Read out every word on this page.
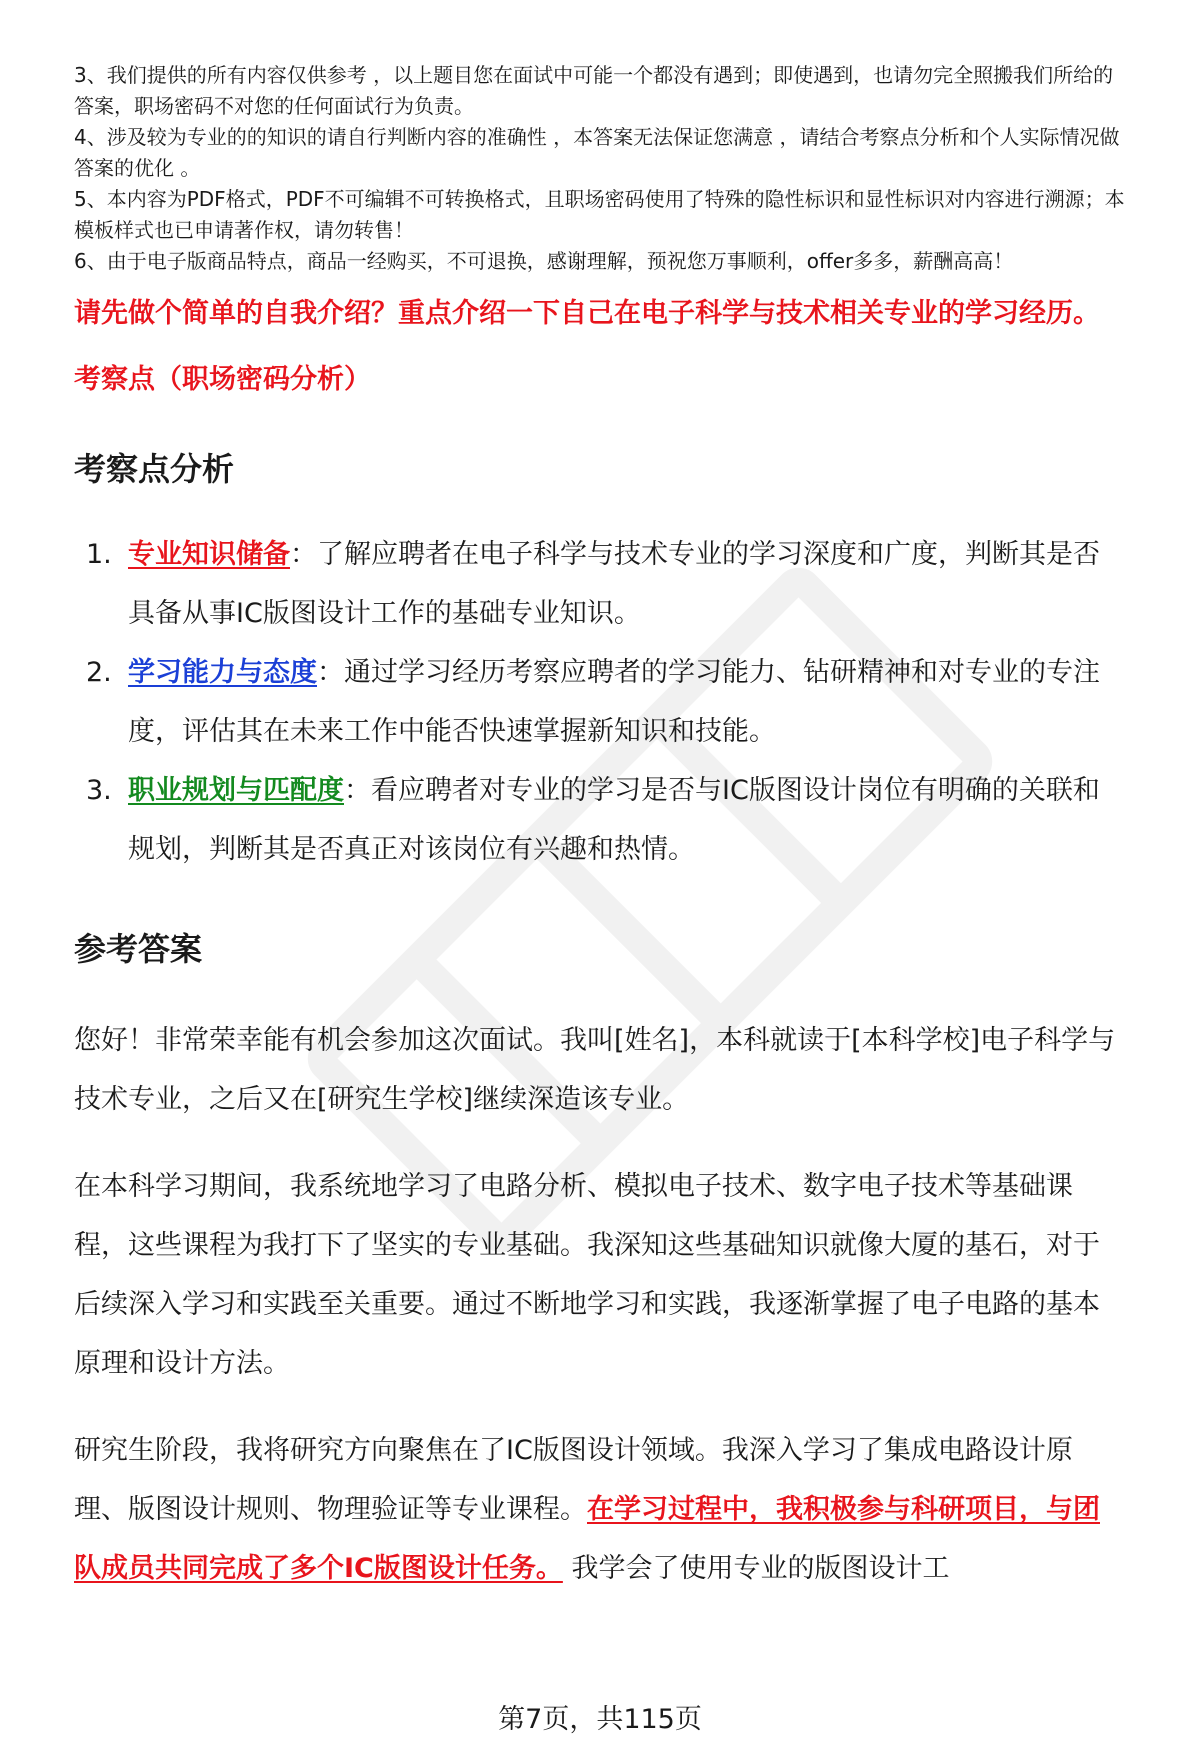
3、我们提供的所有内容仅供参考 ，以上题目您在面试中可能一个都没有遇到；即使遇到，也请勿完全照搬我们所给的答案，职场密码不对您的任何面试行为负责。

4、涉及较为专业的的知识的请自行判断内容的准确性 ，本答案无法保证您满意 ，请结合考察点分析和个人实际情况做答案的优化 。

5、本内容为PDF格式，PDF不可编辑不可转换格式，且职场密码使用了特殊的隐性标识和显性标识对内容进行溯源；本模板样式也已申请著作权，请勿转售！

6、由于电子版商品特点，商品一经购买，不可退换，感谢理解，预祝您万事顺利，offer多多，薪酬高高！

请先做个简单的自我介绍？重点介绍一下自己在电子科学与技术相关专业的学习经历。
考察点（职场密码分析）
考察点分析
1. 专业知识储备：了解应聘者在电子科学与技术专业的学习深度和广度，判断其是否具备从事IC版图设计工作的基础专业知识。
2. 学习能力与态度：通过学习经历考察应聘者的学习能力、钻研精神和对专业的专注度，评估其在未来工作中能否快速掌握新知识和技能。
3. 职业规划与匹配度：看应聘者对专业的学习是否与IC版图设计岗位有明确的关联和规划，判断其是否真正对该岗位有兴趣和热情。
参考答案

您好！非常荣幸能有机会参加这次面试。我叫[姓名]，本科就读于[本科学校]电子科学与技术专业，之后又在[研究生学校]继续深造该专业。

在本科学习期间，我系统地学习了电路分析、模拟电子技术、数字电子技术等基础课程，这些课程为我打下了坚实的专业基础。我深知这些基础知识就像大厦的基石，对于后续深入学习和实践至关重要。通过不断地学习和实践，我逐渐掌握了电子电路的基本原理和设计方法。

研究生阶段，我将研究方向聚焦在了IC版图设计领域。我深入学习了集成电路设计原理、版图设计规则、物理验证等专业课程。在学习过程中，我积极参与科研项目，与团队成员共同完成了多个IC版图设计任务。 我学会了使用专业的版图设计工

第7页，共115页
